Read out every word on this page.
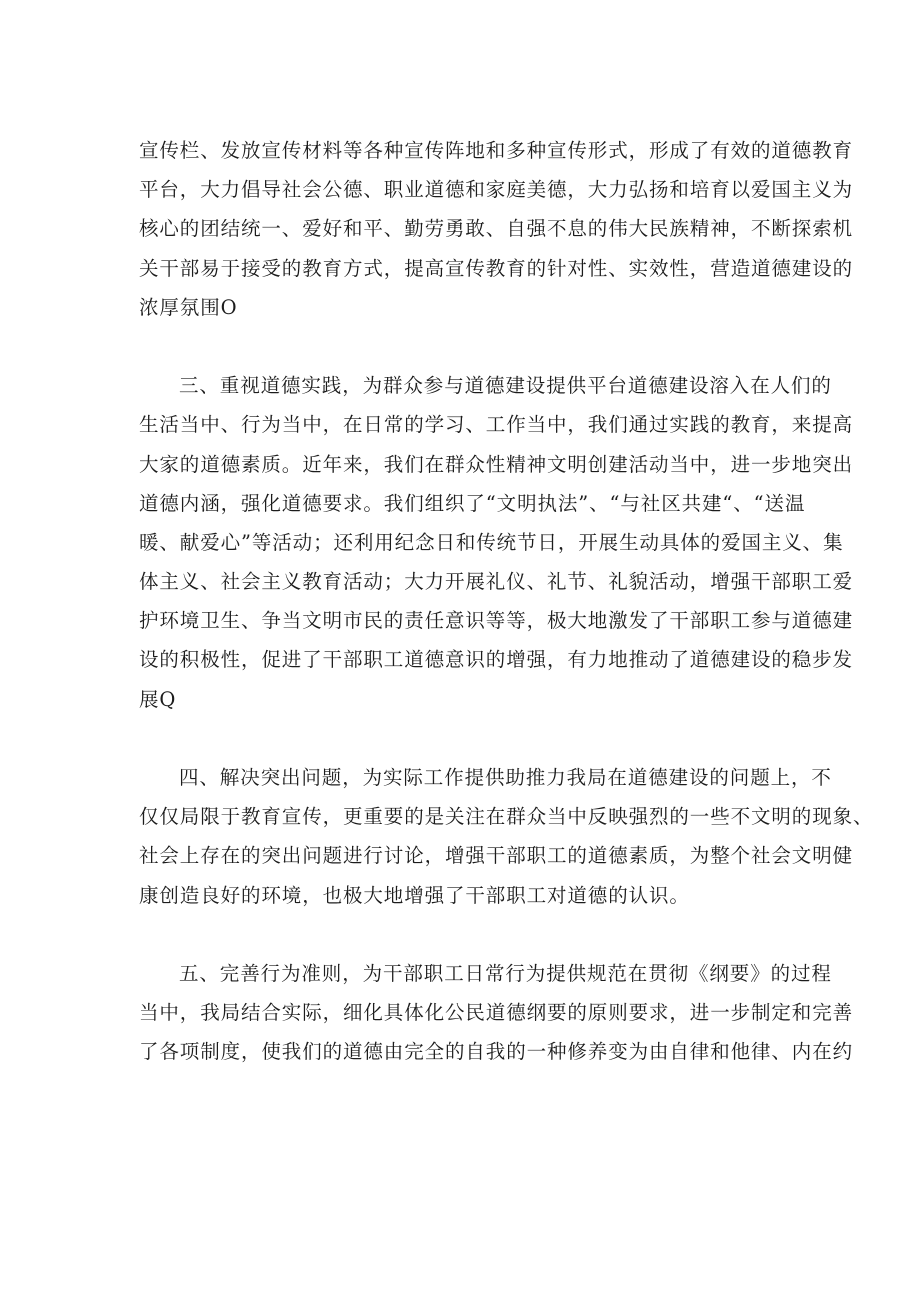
宣传栏、发放宣传材料等各种宣传阵地和多种宣传形式，形成了有效的道德教育
平台，大力倡导社会公德、职业道德和家庭美德，大力弘扬和培育以爱国主义为
核心的团结统一、爱好和平、勤劳勇敢、自强不息的伟大民族精神，不断探索机
关干部易于接受的教育方式，提高宣传教育的针对性、实效性，营造道德建设的
浓厚氛围O
三、重视道德实践，为群众参与道德建设提供平台道德建设溶入在人们的
生活当中、行为当中，在日常的学习、工作当中，我们通过实践的教育，来提高
大家的道德素质。近年来，我们在群众性精神文明创建活动当中，进一步地突出
道德内涵，强化道德要求。我们组织了“文明执法”、“与社区共建“、“送温
暖、献爱心”等活动；还利用纪念日和传统节日，开展生动具体的爱国主义、集
体主义、社会主义教育活动；大力开展礼仪、礼节、礼貌活动，增强干部职工爱
护环境卫生、争当文明市民的责任意识等等，极大地激发了干部职工参与道德建
设的积极性，促进了干部职工道德意识的增强，有力地推动了道德建设的稳步发
展Q
四、解决突出问题，为实际工作提供助推力我局在道德建设的问题上，不
仅仅局限于教育宣传，更重要的是关注在群众当中反映强烈的一些不文明的现象、
社会上存在的突出问题进行讨论，增强干部职工的道德素质，为整个社会文明健
康创造良好的环境，也极大地增强了干部职工对道德的认识。
五、完善行为准则，为干部职工日常行为提供规范在贯彻《纲要》的过程
当中，我局结合实际，细化具体化公民道德纲要的原则要求，进一步制定和完善
了各项制度，使我们的道德由完全的自我的一种修养变为由自律和他律、内在约
